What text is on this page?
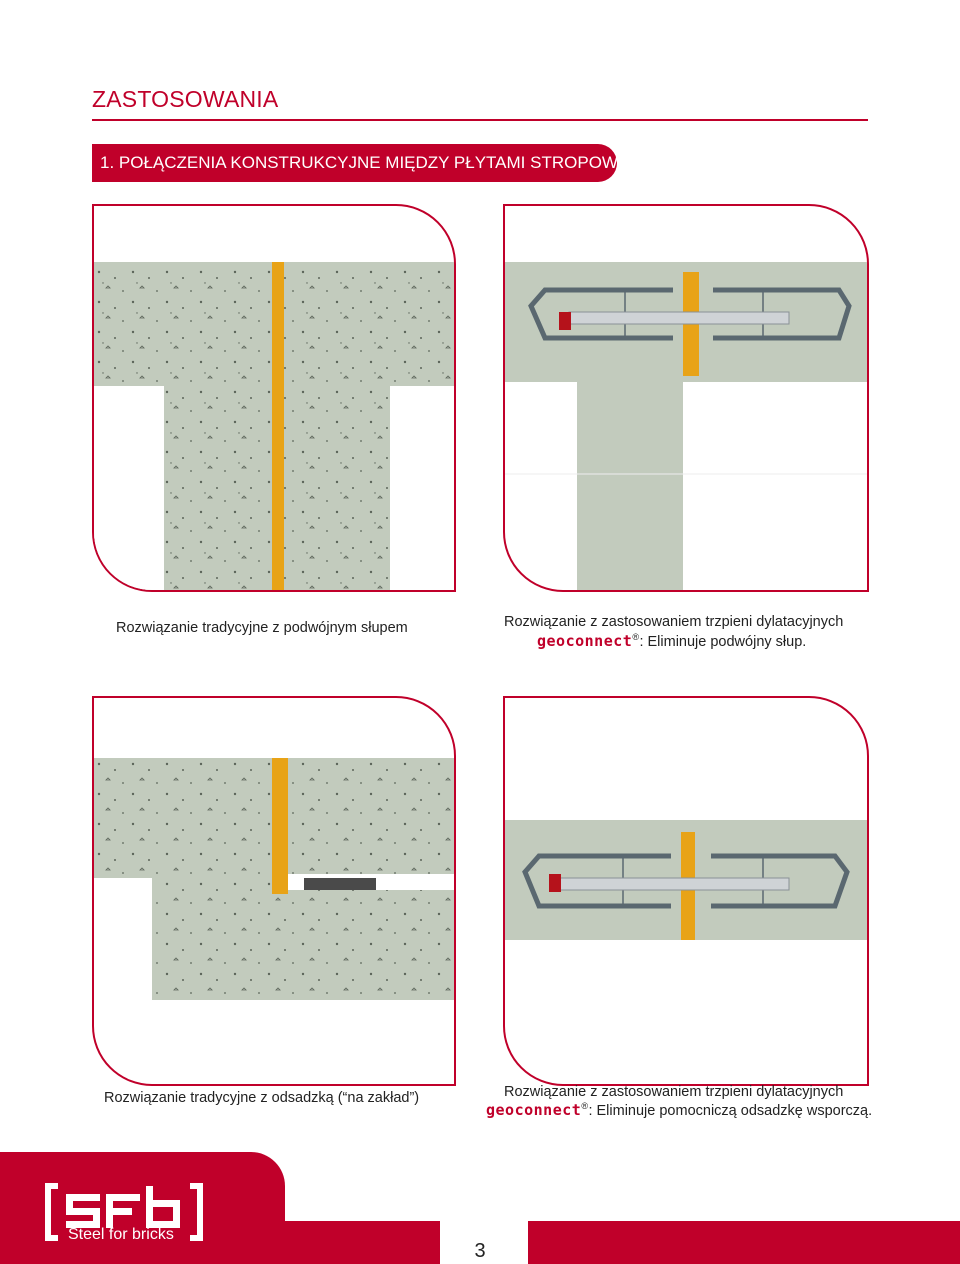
ZASTOSOWANIA
1. POŁĄCZENIA KONSTRUKCYJNE MIĘDZY PŁYTAMI STROPOWYMI
Rozwiązanie tradycyjne z podwójnym słupem	Rozwiązanie z zastosowaniem trzpieni dylatacyjnych
geoconnect®: Eliminuje podwójny słup.
Rozwiązanie tradycyjne z odsadzką (“na zakład”)	Rozwiązanie z zastosowaniem trzpieni dylatacyjnych
geoconnect®: Eliminuje pomocniczą odsadzkę wsporczą.
3
Steel for bricks
